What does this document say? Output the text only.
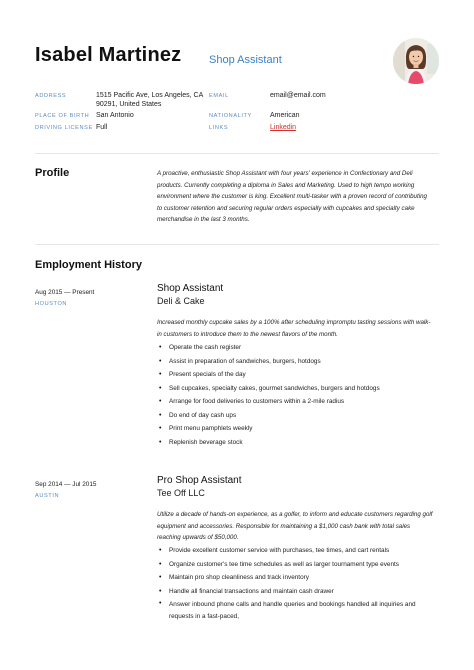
Isabel Martinez	Shop Assistant
ADDRESS	1515 Pacific Ave, Los Angeles, CA
90291, United States
PLACE OF BIRTH San Antonio
DRIVING LICENSE Full
EMAIL	email@email.com
NATIONALITY	American
LINKS	Linkedin
Profile	A proactive, enthusiastic Shop Assistant with four years' experience in Confectionary and Deli products. Currently completing a diploma in Sales and Marketing. Used to high tempo working environment where the customer is king. Excellent multi-tasker with a proven record of contributing to customer retention and securing regular orders especially with cupcakes and specialty cake merchandise in the last 3 months.
Employment History
Aug 2015 — Present
HOUSTON
Shop Assistant
Deli & Cake
Increased monthly cupcake sales by a 100% after scheduling impromptu tasting sessions with walk-in customers to introduce them to the newest flavors of the month.
• Operate the cash register
• Assist in preparation of sandwiches, burgers, hotdogs
• Present specials of the day
• Sell cupcakes, specialty cakes, gourmet sandwiches, burgers and hotdogs
• Arrange for food deliveries to customers within a 2-mile radius
• Do end of day cash ups
• Print menu pamphlets weekly
• Replenish beverage stock
Sep 2014 — Jul 2015
AUSTIN
Pro Shop Assistant
Tee Off LLC
Utilize a decade of hands-on experience, as a golfer, to inform and educate customers regarding golf equipment and accessories. Responsible for maintaining a $1,000 cash bank with total sales reaching upwards of $50,000.
• Provide excellent customer service with purchases, tee times, and cart rentals
• Organize customer's tee time schedules as well as larger tournament type events
• Maintain pro shop cleanliness and track inventory
• Handle all financial transactions and maintain cash drawer
• Answer inbound phone calls and handle queries and bookings handled all inquiries and requests in a fast-paced,
